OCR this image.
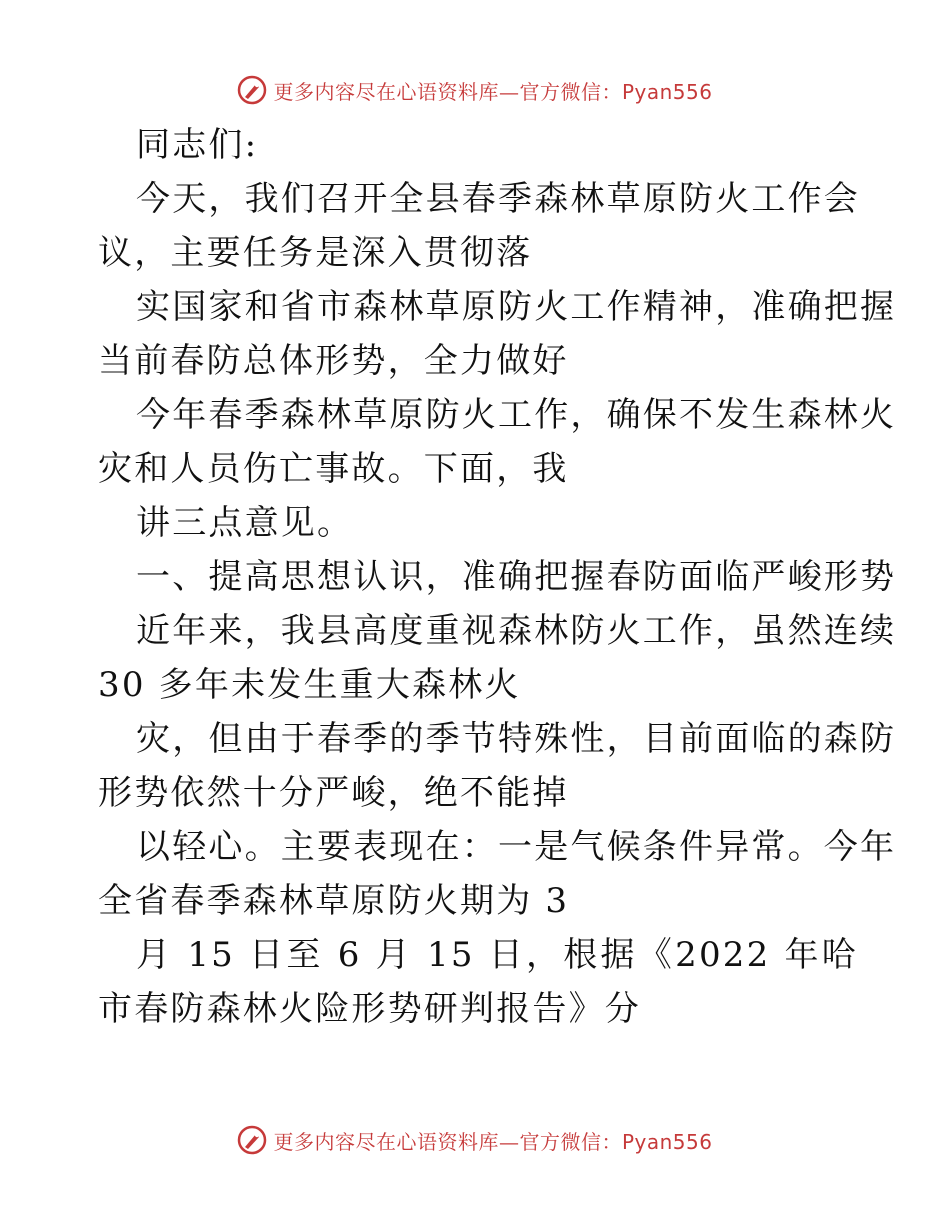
更多内容尽在心语资料库—官方微信：Pyan556
同志们:
今天，我们召开全县春季森林草原防火工作会
议，主要任务是深入贯彻落
实国家和省市森林草原防火工作精神，准确把握
当前春防总体形势，全力做好
今年春季森林草原防火工作，确保不发生森林火
灾和人员伤亡事故。下面，我
讲三点意见。
一、提高思想认识，准确把握春防面临严峻形势
近年来，我县高度重视森林防火工作，虽然连续
30 多年未发生重大森林火
灾，但由于春季的季节特殊性，目前面临的森防
形势依然十分严峻，绝不能掉
以轻心。主要表现在：一是气候条件异常。今年
全省春季森林草原防火期为 3
月 15 日至 6 月 15 日，根据《2022 年哈
市春防森林火险形势研判报告》分
更多内容尽在心语资料库—官方微信：Pyan556
